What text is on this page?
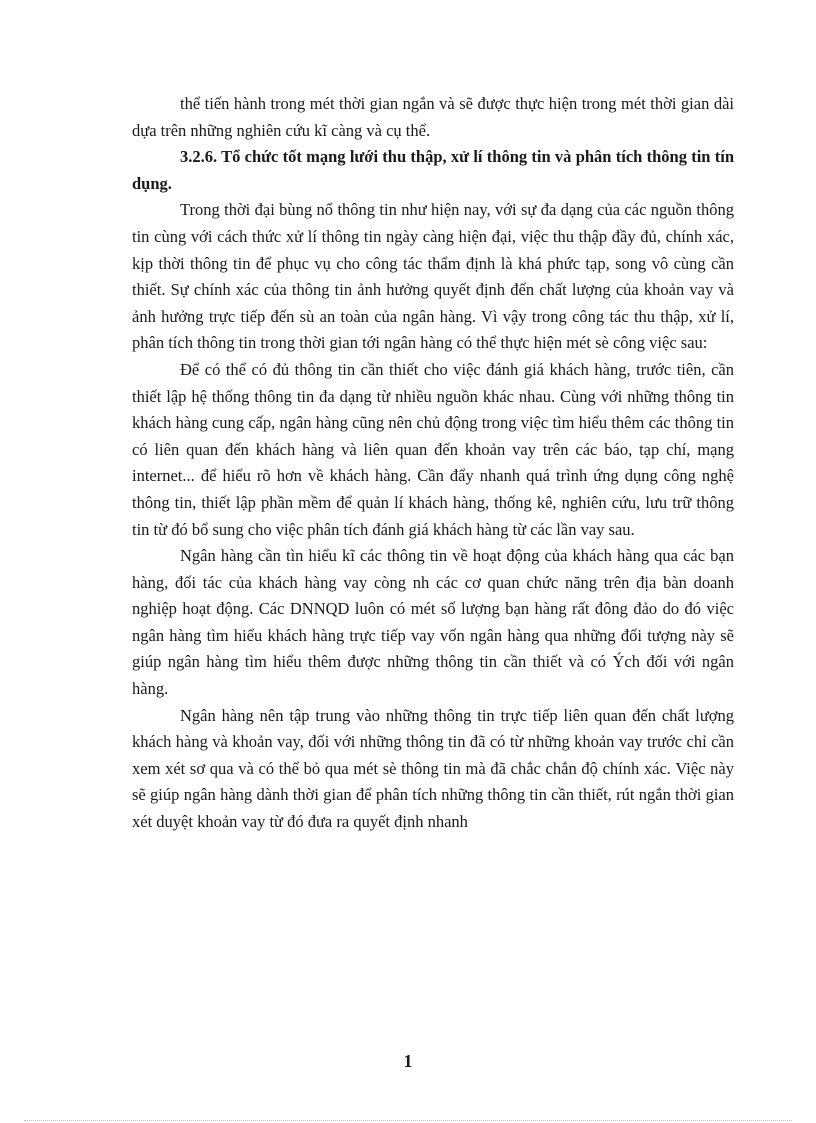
thể tiến hành trong mét thời gian ngắn và sẽ được thực hiện trong mét thời gian dài dựa trên những nghiên cứu kĩ càng và cụ thể.

3.2.6. Tổ chức tốt mạng lưới thu thập, xử lí thông tin và phân tích thông tin tín dụng.

Trong thời đại bùng nổ thông tin như hiện nay, với sự đa dạng của các nguồn thông tin cùng với cách thức xử lí thông tin ngày càng hiện đại, việc thu thập đầy đủ, chính xác, kịp thời thông tin để phục vụ cho công tác thẩm định là khá phức tạp, song vô cùng cần thiết. Sự chính xác của thông tin ảnh hưởng quyết định đến chất lượng của khoản vay và ảnh hưởng trực tiếp đến sù an toàn của ngân hàng. Vì vậy trong công tác thu thập, xử lí, phân tích thông tin trong thời gian tới ngân hàng có thể thực hiện mét sè công việc sau:

Để có thể có đủ thông tin cần thiết cho việc đánh giá khách hàng, trước tiên, cần thiết lập hệ thống thông tin đa dạng từ nhiều nguồn khác nhau. Cùng với những thông tin khách hàng cung cấp, ngân hàng cũng nên chủ động trong việc tìm hiểu thêm các thông tin có liên quan đến khách hàng và liên quan đến khoản vay trên các báo, tạp chí, mạng internet... để hiểu rõ hơn về khách hàng. Cần đẩy nhanh quá trình ứng dụng công nghệ thông tin, thiết lập phần mềm để quản lí khách hàng, thống kê, nghiên cứu, lưu trữ thông tin từ đó bổ sung cho việc phân tích đánh giá khách hàng từ các lần vay sau.

Ngân hàng cần tìn hiểu kĩ các thông tin về hoạt động của khách hàng qua các bạn hàng, đối tác của khách hàng vay còng nh các cơ quan chức năng trên địa bàn doanh nghiệp hoạt động. Các DNNQD luôn có mét số lượng bạn hàng rất đông đảo do đó việc ngân hàng tìm hiểu khách hàng trực tiếp vay vốn ngân hàng qua những đối tượng này sẽ giúp ngân hàng tìm hiểu thêm được những thông tin cần thiết và có Ých đối với ngân hàng.

Ngân hàng nên tập trung vào những thông tin trực tiếp liên quan đến chất lượng khách hàng và khoản vay, đối với những thông tin đã có từ những khoản vay trước chỉ cần xem xét sơ qua và có thể bỏ qua mét sè thông tin mà đã chắc chắn độ chính xác. Việc này sẽ giúp ngân hàng dành thời gian để phân tích những thông tin cần thiết, rút ngắn thời gian xét duyệt khoản vay từ đó đưa ra quyết định nhanh

1
